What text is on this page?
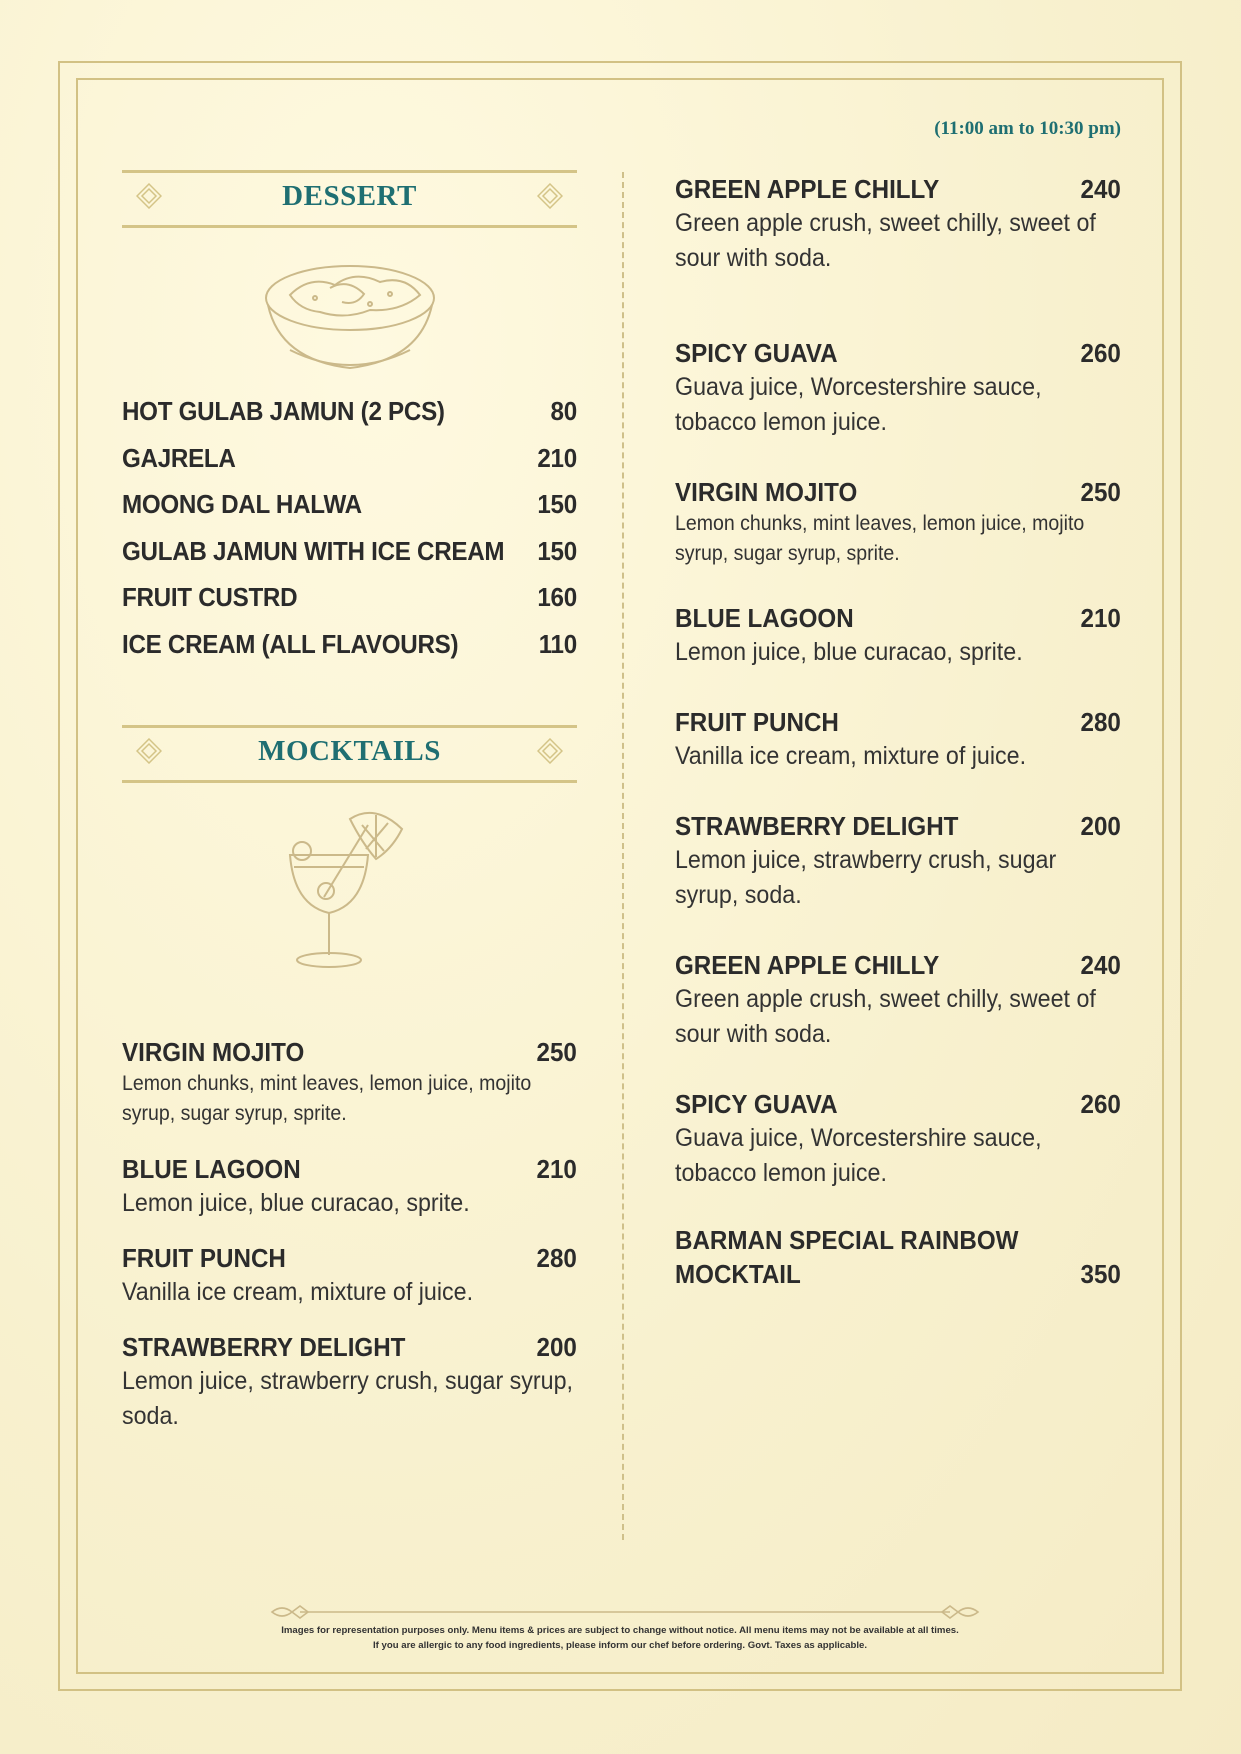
(11:00 am to 10:30 pm)
DESSERT
HOT GULAB JAMUN (2 PCS)	80
GAJRELA	210
MOONG DAL HALWA	150
GULAB JAMUN WITH ICE CREAM 150
FRUIT CUSTRD	160
ICE CREAM (ALL FLAVOURS)	110
MOCKTAILS
VIRGIN MOJITO	250
Lemon chunks, mint leaves, lemon juice, mojito syrup, sugar syrup, sprite.
BLUE LAGOON	210
Lemon juice, blue curacao, sprite.
FRUIT PUNCH	280
Vanilla ice cream, mixture of juice.
STRAWBERRY DELIGHT	200
Lemon juice, strawberry crush, sugar syrup, soda.
GREEN APPLE CHILLY	240
Green apple crush, sweet chilly, sweet of sour with soda.
SPICY GUAVA	260
Guava juice, Worcestershire sauce, tobacco lemon juice.
VIRGIN MOJITO	250
Lemon chunks, mint leaves, lemon juice, mojito syrup, sugar syrup, sprite.
BLUE LAGOON	210
Lemon juice, blue curacao, sprite.
FRUIT PUNCH	280
Vanilla ice cream, mixture of juice.
STRAWBERRY DELIGHT	200
Lemon juice, strawberry crush, sugar syrup, soda.
GREEN APPLE CHILLY	240
Green apple crush, sweet chilly, sweet of sour with soda.
SPICY GUAVA	260
Guava juice, Worcestershire sauce, tobacco lemon juice.
BARMAN SPECIAL RAINBOW
MOCKTAIL	350
Images for representation purposes only. Menu items & prices are subject to change without notice. All menu items may not be available at all times.
If you are allergic to any food ingredients, please inform our chef before ordering. Govt. Taxes as applicable.
